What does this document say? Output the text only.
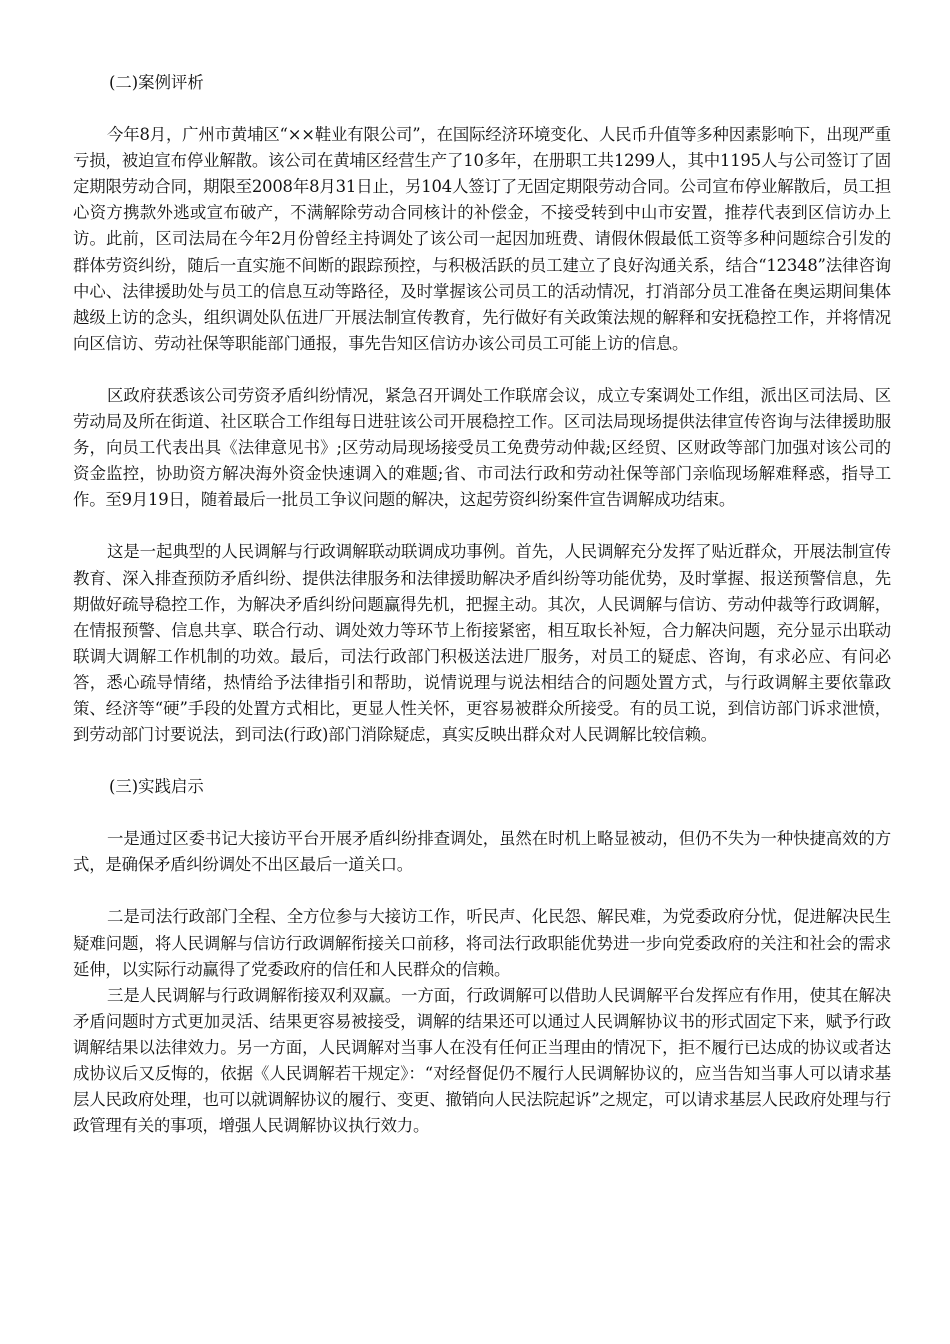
(二)案例评析

今年8月，广州市黄埔区“××鞋业有限公司”，在国际经济环境变化、人民币升值等多种因素影响下，出现严重亏损，被迫宣布停业解散。该公司在黄埔区经营生产了10多年，在册职工共1299人，其中1195人与公司签订了固定期限劳动合同，期限至2008年8月31日止，另104人签订了无固定期限劳动合同。公司宣布停业解散后，员工担心资方携款外逃或宣布破产，不满解除劳动合同核计的补偿金，不接受转到中山市安置，推荐代表到区信访办上访。此前，区司法局在今年2月份曾经主持调处了该公司一起因加班费、请假休假最低工资等多种问题综合引发的群体劳资纠纷，随后一直实施不间断的跟踪预控，与积极活跃的员工建立了良好沟通关系，结合“12348”法律咨询中心、法律援助处与员工的信息互动等路径，及时掌握该公司员工的活动情况，打消部分员工准备在奥运期间集体越级上访的念头，组织调处队伍进厂开展法制宣传教育，先行做好有关政策法规的解释和安抚稳控工作，并将情况向区信访、劳动社保等职能部门通报，事先告知区信访办该公司员工可能上访的信息。

区政府获悉该公司劳资矛盾纠纷情况，紧急召开调处工作联席会议，成立专案调处工作组，派出区司法局、区劳动局及所在街道、社区联合工作组每日进驻该公司开展稳控工作。区司法局现场提供法律宣传咨询与法律援助服务，向员工代表出具《法律意见书》;区劳动局现场接受员工免费劳动仲裁;区经贸、区财政等部门加强对该公司的资金监控，协助资方解决海外资金快速调入的难题;省、市司法行政和劳动社保等部门亲临现场解难释惑，指导工作。至9月19日，随着最后一批员工争议问题的解决，这起劳资纠纷案件宣告调解成功结束。

这是一起典型的人民调解与行政调解联动联调成功事例。首先，人民调解充分发挥了贴近群众，开展法制宣传教育、深入排查预防矛盾纠纷、提供法律服务和法律援助解决矛盾纠纷等功能优势，及时掌握、报送预警信息，先期做好疏导稳控工作，为解决矛盾纠纷问题赢得先机，把握主动。其次，人民调解与信访、劳动仲裁等行政调解，在情报预警、信息共享、联合行动、调处效力等环节上衔接紧密，相互取长补短，合力解决问题，充分显示出联动联调大调解工作机制的功效。最后，司法行政部门积极送法进厂服务，对员工的疑虑、咨询，有求必应、有问必答，悉心疏导情绪，热情给予法律指引和帮助，说情说理与说法相结合的问题处置方式，与行政调解主要依靠政策、经济等“硬”手段的处置方式相比，更显人性关怀，更容易被群众所接受。有的员工说，到信访部门诉求泄愤，到劳动部门讨要说法，到司法(行政)部门消除疑虑，真实反映出群众对人民调解比较信赖。

(三)实践启示

一是通过区委书记大接访平台开展矛盾纠纷排查调处，虽然在时机上略显被动，但仍不失为一种快捷高效的方式，是确保矛盾纠纷调处不出区最后一道关口。

二是司法行政部门全程、全方位参与大接访工作，听民声、化民怨、解民难，为党委政府分忧，促进解决民生疑难问题，将人民调解与信访行政调解衔接关口前移，将司法行政职能优势进一步向党委政府的关注和社会的需求延伸，以实际行动赢得了党委政府的信任和人民群众的信赖。

三是人民调解与行政调解衔接双利双赢。一方面，行政调解可以借助人民调解平台发挥应有作用，使其在解决矛盾问题时方式更加灵活、结果更容易被接受，调解的结果还可以通过人民调解协议书的形式固定下来，赋予行政调解结果以法律效力。另一方面，人民调解对当事人在没有任何正当理由的情况下，拒不履行已达成的协议或者达成协议后又反悔的，依据《人民调解若干规定》：“对经督促仍不履行人民调解协议的，应当告知当事人可以请求基层人民政府处理，也可以就调解协议的履行、变更、撤销向人民法院起诉”之规定，可以请求基层人民政府处理与行政管理有关的事项，增强人民调解协议执行效力。
